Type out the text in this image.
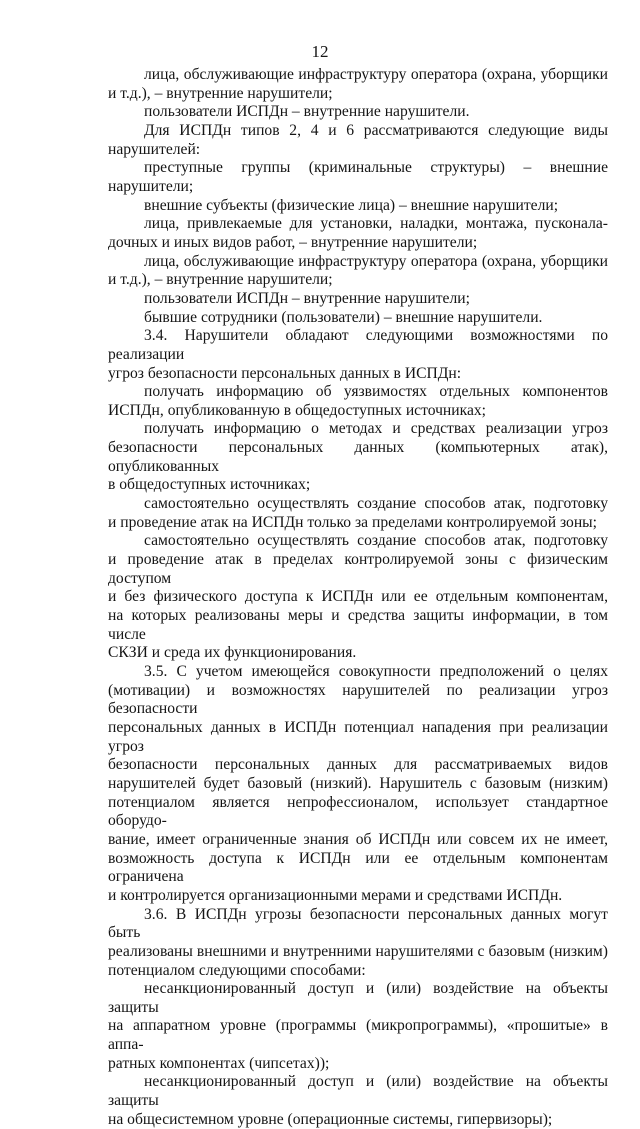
12

лица, обслуживающие инфраструктуру оператора (охрана, уборщики

и т.д.), – внутренние нарушители;

пользователи ИСПДн – внутренние нарушители.

Для ИСПДн типов 2, 4 и 6 рассматриваются следующие виды

нарушителей:

преступные группы (криминальные структуры) – внешние нарушители;

внешние субъекты (физические лица) – внешние нарушители;

лица, привлекаемые для установки, наладки, монтажа, пусконала-

дочных и иных видов работ, – внутренние нарушители;

лица, обслуживающие инфраструктуру оператора (охрана, уборщики

и т.д.), – внутренние нарушители;

пользователи ИСПДн – внутренние нарушители;

бывшие сотрудники (пользователи) – внешние нарушители.

3.4. Нарушители обладают следующими возможностями по реализации

угроз безопасности персональных данных в ИСПДн:

получать информацию об уязвимостях отдельных компонентов

ИСПДн, опубликованную в общедоступных источниках;

получать информацию о методах и средствах реализации угроз

безопасности персональных данных (компьютерных атак), опубликованных

в общедоступных источниках;

самостоятельно осуществлять создание способов атак, подготовку

и проведение атак на ИСПДн только за пределами контролируемой зоны;

самостоятельно осуществлять создание способов атак, подготовку

и проведение атак в пределах контролируемой зоны с физическим доступом

и без физического доступа к ИСПДн или ее отдельным компонентам,

на которых реализованы меры и средства защиты информации, в том числе

СКЗИ и среда их функционирования.

3.5. С учетом имеющейся совокупности предположений о целях

(мотивации) и возможностях нарушителей по реализации угроз безопасности

персональных данных в ИСПДн потенциал нападения при реализации угроз

безопасности персональных данных для рассматриваемых видов

нарушителей будет базовый (низкий). Нарушитель с базовым (низким)

потенциалом является непрофессионалом, использует стандартное оборудо-

вание, имеет ограниченные знания об ИСПДн или совсем их не имеет,

возможность доступа к ИСПДн или ее отдельным компонентам ограничена

и контролируется организационными мерами и средствами ИСПДн.

3.6. В ИСПДн угрозы безопасности персональных данных могут быть

реализованы внешними и внутренними нарушителями с базовым (низким)

потенциалом следующими способами:

несанкционированный доступ и (или) воздействие на объекты защиты

на аппаратном уровне (программы (микропрограммы), «прошитые» в аппа-

ратных компонентах (чипсетах));

несанкционированный доступ и (или) воздействие на объекты защиты

на общесистемном уровне (операционные системы, гипервизоры);
